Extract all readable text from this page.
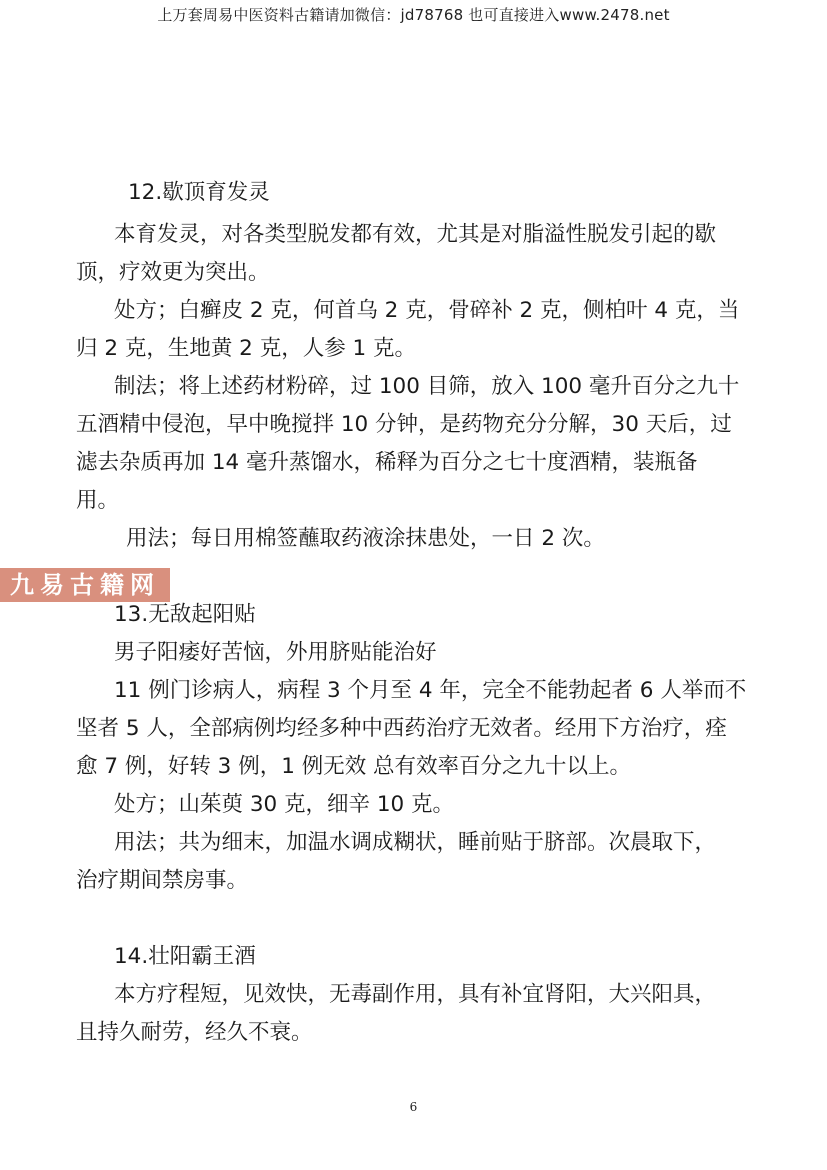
上万套周易中医资料古籍请加微信：jd78768 也可直接进入www.2478.net
九易古籍网
12.歇顶育发灵
本育发灵，对各类型脱发都有效，尤其是对脂溢性脱发引起的歇
顶，疗效更为突出。
处方；白癣皮 2 克，何首乌 2 克，骨碎补 2 克，侧柏叶 4 克，当
归 2 克，生地黄 2 克，人参 1 克。
制法；将上述药材粉碎，过 100 目筛，放入 100 毫升百分之九十
五酒精中侵泡，早中晚搅拌 10 分钟，是药物充分分解，30 天后，过
滤去杂质再加 14 毫升蒸馏水，稀释为百分之七十度酒精，装瓶备
用。
用法；每日用棉签蘸取药液涂抹患处，一日 2 次。
13.无敌起阳贴
男子阳痿好苦恼，外用脐贴能治好
11 例门诊病人，病程 3 个月至 4 年，完全不能勃起者 6 人举而不
坚者 5 人，全部病例均经多种中西药治疗无效者。经用下方治疗，痊
愈 7 例，好转 3 例，1 例无效 总有效率百分之九十以上。
处方；山茱萸 30 克，细辛 10 克。
用法；共为细末，加温水调成糊状，睡前贴于脐部。次晨取下，
治疗期间禁房事。
14.壮阳霸王酒
本方疗程短，见效快，无毒副作用，具有补宜肾阳，大兴阳具，
且持久耐劳，经久不衰。
6
